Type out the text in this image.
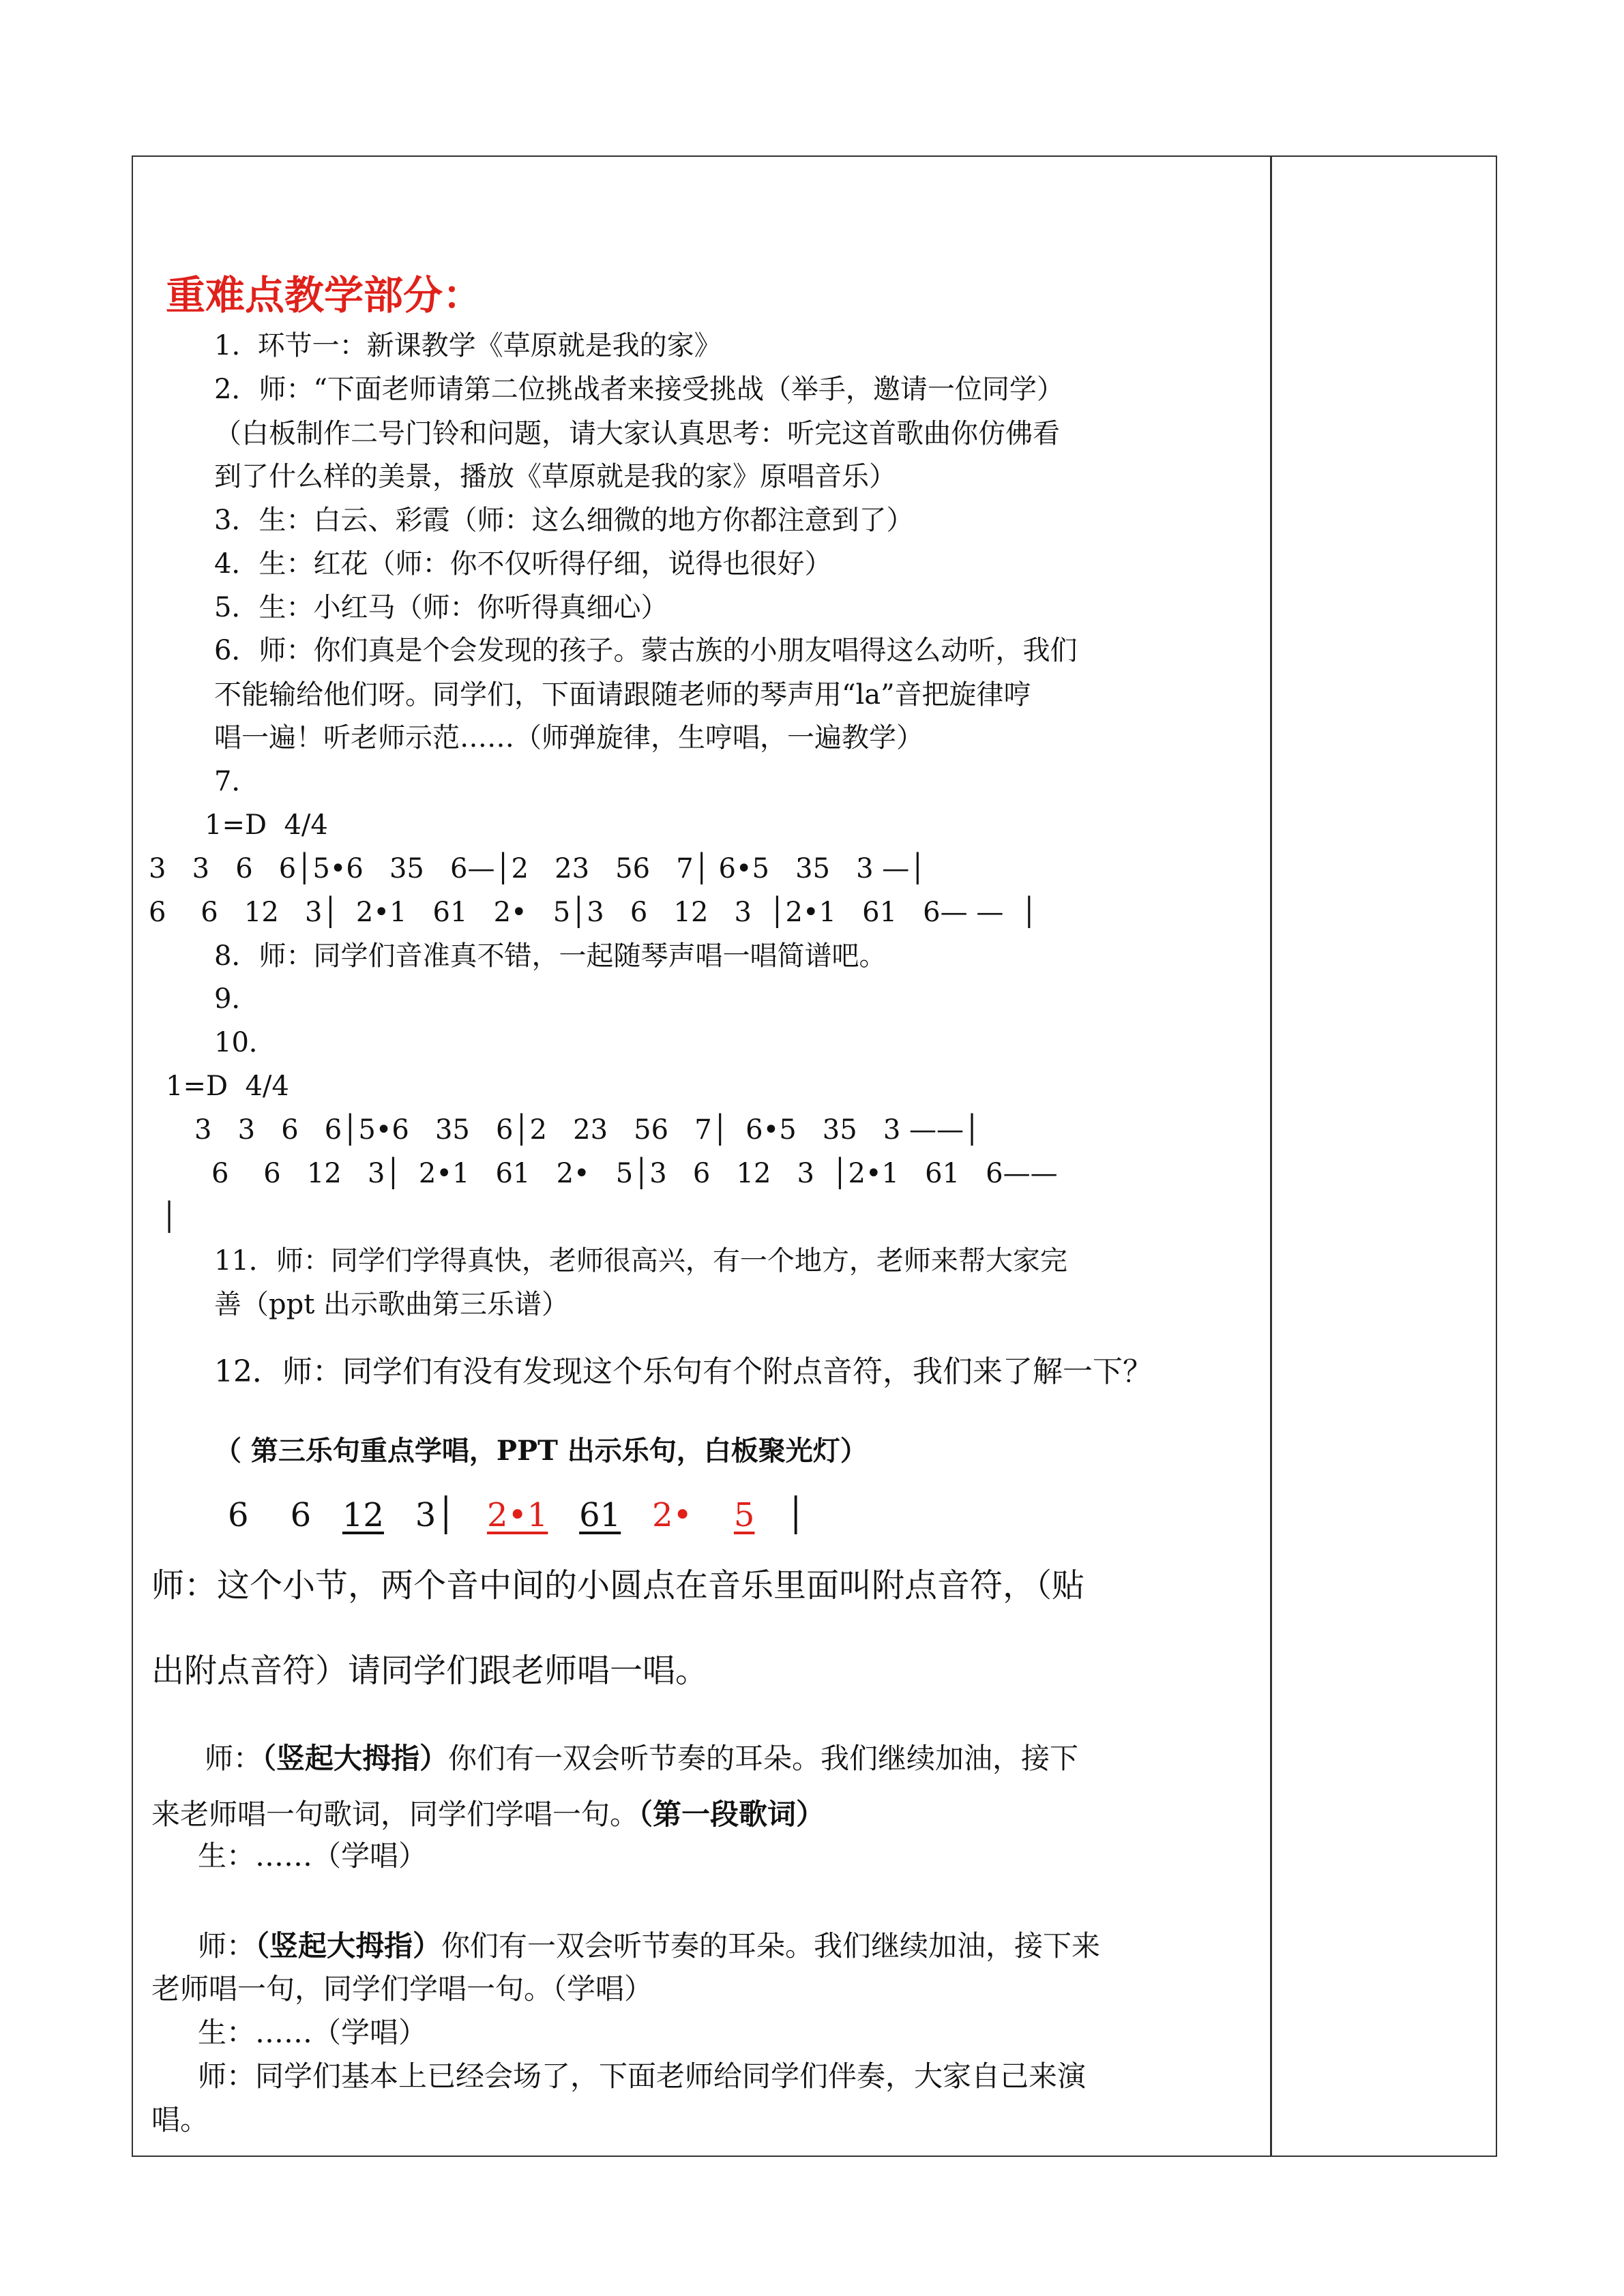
重难点教学部分：
1.  环节一：新课教学《草原就是我的家》
2．师：“下面老师请第二位挑战者来接受挑战（举手，邀请一位同学）
（白板制作二号门铃和问题，请大家认真思考：听完这首歌曲你仿佛看
到了什么样的美景，播放《草原就是我的家》原唱音乐）
3．生：白云、彩霞（师：这么细微的地方你都注意到了）
4．生：红花（师：你不仅听得仔细，说得也很好）
5．生：小红马（师：你听得真细心）
6．师：你们真是个会发现的孩子。蒙古族的小朋友唱得这么动听，我们
不能输给他们呀。同学们，下面请跟随老师的琴声用“la”音把旋律哼
唱一遍！听老师示范……（师弹旋律，生哼唱，一遍教学）
7．
1=D  4/4
3   3   6   6│5•6   35   6—│2   23   56   7│ 6•5   35   3 —│
6    6   12   3│  2•1   61   2•   5│3   6   12   3  │2•1   61   6— —  │
8．师：同学们音准真不错，一起随琴声唱一唱简谱吧。
9．
10．
1=D  4/4
3   3   6   6│5•6   35   6│2   23   56   7│  6•5   35   3 ——│
6    6   12   3│  2•1   61   2•   5│3   6   12   3  │2•1   61   6——
│
11．师：同学们学得真快，老师很高兴，有一个地方，老师来帮大家完
善（ppt 出示歌曲第三乐谱）
12．师：同学们有没有发现这个乐句有个附点音符，我们来了解一下？
（ 第三乐句重点学唱，PPT 出示乐句，白板聚光灯）
6    6   12   3│   2•1 61 2• 5   │
师：这个小节，两个音中间的小圆点在音乐里面叫附点音符，（贴
出附点音符）请同学们跟老师唱一唱。
师：（竖起大拇指）你们有一双会听节奏的耳朵。我们继续加油，接下
来老师唱一句歌词，同学们学唱一句。（第一段歌词）
生：……（学唱）
师：（竖起大拇指）你们有一双会听节奏的耳朵。我们继续加油，接下来
老师唱一句，同学们学唱一句。（学唱）
生：……（学唱）
师：同学们基本上已经会场了，下面老师给同学们伴奏，大家自己来演
唱。
